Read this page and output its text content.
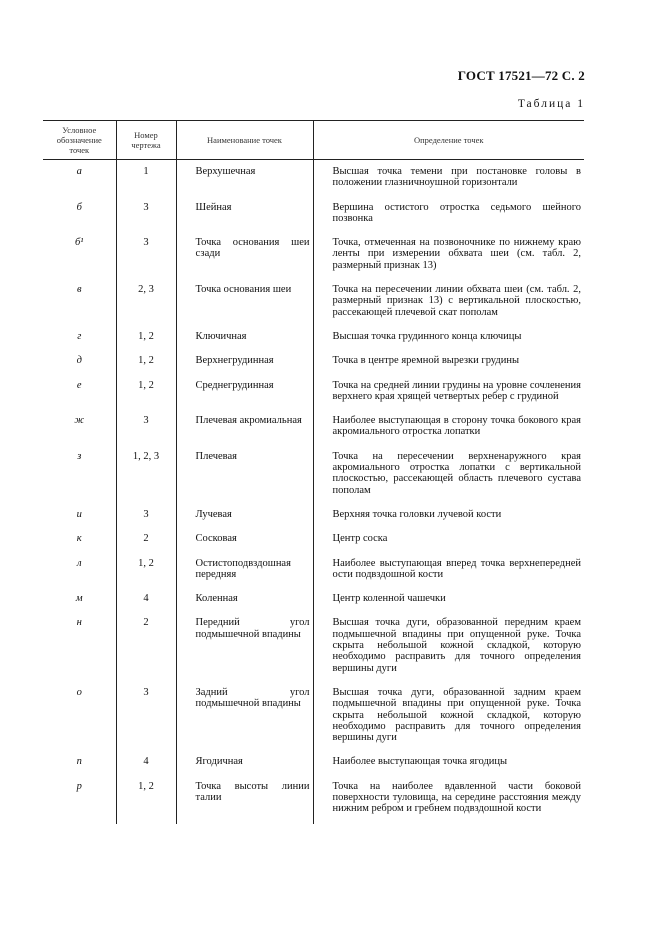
ГОСТ 17521—72 С. 2
Таблица 1
Условное обозначение точек	Номер чертежа	Наименование точек	Определение точек
а	1	Верхушечная	Высшая точка темени при постановке головы в положении глазничноушной горизонтали
б	3	Шейная	Вершина остистого отростка седьмого шейного позвонка
б¹	3	Точка основания шеи сзади	Точка, отмеченная на позвоночнике по нижнему краю ленты при измерении обхвата шеи (см. табл. 2, размерный признак 13)
в	2, 3	Точка основания шеи	Точка на пересечении линии обхвата шеи (см. табл. 2, размерный признак 13) с вертикальной плоскостью, рассекающей плечевой скат пополам
г	1, 2	Ключичная	Высшая точка грудинного конца ключицы
д	1, 2	Верхнегрудинная	Точка в центре яремной вырезки грудины
е	1, 2	Среднегрудинная	Точка на средней линии грудины на уровне сочленения верхнего края хрящей четвертых ребер с грудиной
ж	3	Плечевая акромиальная	Наиболее выступающая в сторону точка бокового края акромиального отростка лопатки
з	1, 2, 3	Плечевая	Точка на пересечении верхненаружного края акромиального отростка лопатки с вертикальной плоскостью, рассекающей область плечевого сустава пополам
и	3	Лучевая	Верхняя точка головки лучевой кости
к	2	Сосковая	Центр соска
л	1, 2	Остистоподвздошная передняя	Наиболее выступающая вперед точка верхнепередней ости подвздошной кости
м	4	Коленная	Центр коленной чашечки
н	2	Передний угол подмышечной впадины	Высшая точка дуги, образованной передним краем подмышечной впадины при опущенной руке. Точка скрыта небольшой кожной складкой, которую необходимо расправить для точного определения вершины дуги
о	3	Задний угол подмышечной впадины	Высшая точка дуги, образованной задним краем подмышечной впадины при опущенной руке. Точка скрыта небольшой кожной складкой, которую необходимо расправить для точного определения вершины дуги
п	4	Ягодичная	Наиболее выступающая точка ягодицы
р	1, 2	Точка высоты линии талии	Точка на наиболее вдавленной части боковой поверхности туловища, на середине расстояния между нижним ребром и гребнем подвздошной кости
